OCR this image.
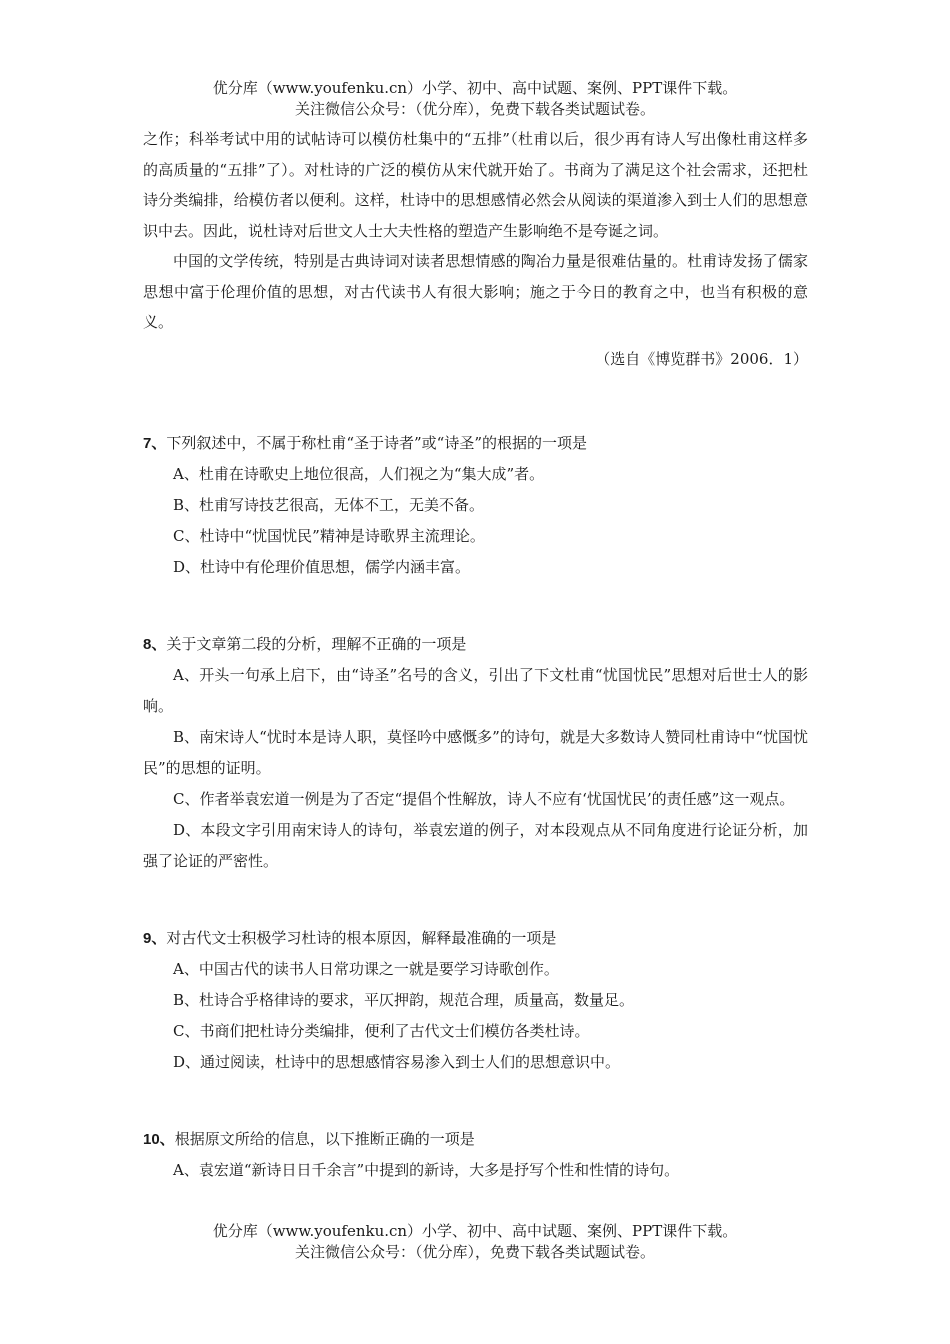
优分库（www.youfenku.cn）小学、初中、高中试题、案例、PPT课件下载。
关注微信公众号：（优分库），免费下载各类试题试卷。

之作；科举考试中用的试帖诗可以模仿杜集中的“五排”（杜甫以后，很少再有诗人写出像杜甫这样多的高质量的“五排”了）。对杜诗的广泛的模仿从宋代就开始了。书商为了满足这个社会需求，还把杜诗分类编排，给模仿者以便利。这样，杜诗中的思想感情必然会从阅读的渠道渗入到士人们的思想意识中去。因此，说杜诗对后世文人士大夫性格的塑造产生影响绝不是夸诞之词。

中国的文学传统，特别是古典诗词对读者思想情感的陶冶力量是很难估量的。杜甫诗发扬了儒家思想中富于伦理价值的思想，对古代读书人有很大影响；施之于今日的教育之中，也当有积极的意义。

（选自《博览群书》2006．1）

7、下列叙述中，不属于称杜甫“圣于诗者”或“诗圣”的根据的一项是

A、杜甫在诗歌史上地位很高，人们视之为“集大成”者。

B、杜甫写诗技艺很高，无体不工，无美不备。

C、杜诗中“忧国忧民”精神是诗歌界主流理论。

D、杜诗中有伦理价值思想，儒学内涵丰富。

8、关于文章第二段的分析，理解不正确的一项是

A、开头一句承上启下，由“诗圣”名号的含义，引出了下文杜甫“忧国忧民”思想对后世士人的影响。

B、南宋诗人“忧时本是诗人职，莫怪吟中感慨多”的诗句，就是大多数诗人赞同杜甫诗中“忧国忧民”的思想的证明。

C、作者举袁宏道一例是为了否定“提倡个性解放，诗人不应有‘忧国忧民’的责任感”这一观点。

D、本段文字引用南宋诗人的诗句，举袁宏道的例子，对本段观点从不同角度进行论证分析，加强了论证的严密性。

9、对古代文士积极学习杜诗的根本原因，解释最准确的一项是

A、中国古代的读书人日常功课之一就是要学习诗歌创作。

B、杜诗合乎格律诗的要求，平仄押韵，规范合理，质量高，数量足。

C、书商们把杜诗分类编排，便利了古代文士们模仿各类杜诗。

D、通过阅读，杜诗中的思想感情容易渗入到士人们的思想意识中。

10、根据原文所给的信息，以下推断正确的一项是

A、袁宏道“新诗日日千余言”中提到的新诗，大多是抒写个性和性情的诗句。

优分库（www.youfenku.cn）小学、初中、高中试题、案例、PPT课件下载。
关注微信公众号：（优分库），免费下载各类试题试卷。
